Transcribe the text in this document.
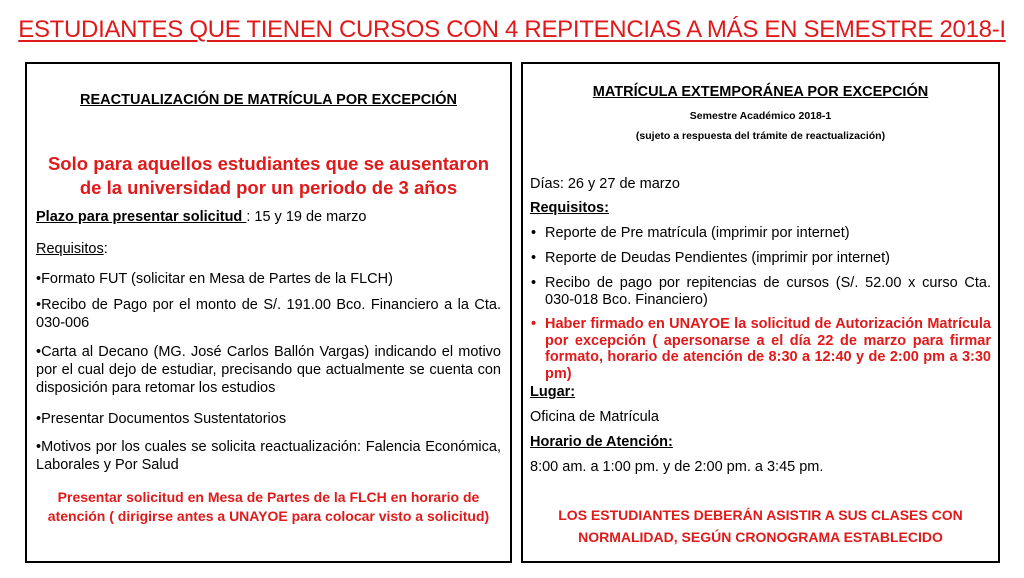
ESTUDIANTES QUE TIENEN CURSOS CON 4 REPITENCIAS A MÁS EN SEMESTRE 2018-I
REACTUALIZACIÓN DE MATRÍCULA POR EXCEPCIÓN
Solo para aquellos estudiantes que se ausentaron
de la universidad por un periodo de 3 años
Plazo para presentar solicitud : 15 y 19 de marzo
Requisitos:
•Formato FUT (solicitar en Mesa de Partes de la FLCH)
•Recibo de Pago por el monto de S/. 191.00 Bco. Financiero a la Cta. 030-006
•Carta al Decano (MG. José Carlos Ballón Vargas) indicando el motivo por el cual dejo de estudiar, precisando que actualmente se cuenta con disposición para retomar los estudios
•Presentar Documentos Sustentatorios
•Motivos por los cuales se solicita reactualización: Falencia Económica, Laborales y Por Salud
Presentar solicitud en Mesa de Partes de la FLCH en horario de
atención ( dirigirse antes a UNAYOE para colocar visto a solicitud)
MATRÍCULA EXTEMPORÁNEA POR EXCEPCIÓN
Semestre Académico 2018-1
(sujeto a respuesta del trámite de reactualización)
Días: 26 y 27 de marzo
Requisitos:
• Reporte de Pre matrícula (imprimir por internet)
• Reporte de Deudas Pendientes (imprimir por internet)
• Recibo de pago por repitencias de cursos (S/. 52.00 x curso Cta. 030-018 Bco. Financiero)
• Haber firmado en UNAYOE la solicitud de Autorización Matrícula por excepción ( apersonarse a el día 22 de marzo para firmar formato, horario de atención de 8:30 a 12:40 y de 2:00 pm a 3:30 pm)
Lugar:
Oficina de Matrícula
Horario de Atención:
8:00 am. a 1:00 pm. y de 2:00 pm. a 3:45 pm.
LOS ESTUDIANTES DEBERÁN ASISTIR A SUS CLASES CON
NORMALIDAD, SEGÚN CRONOGRAMA ESTABLECIDO
